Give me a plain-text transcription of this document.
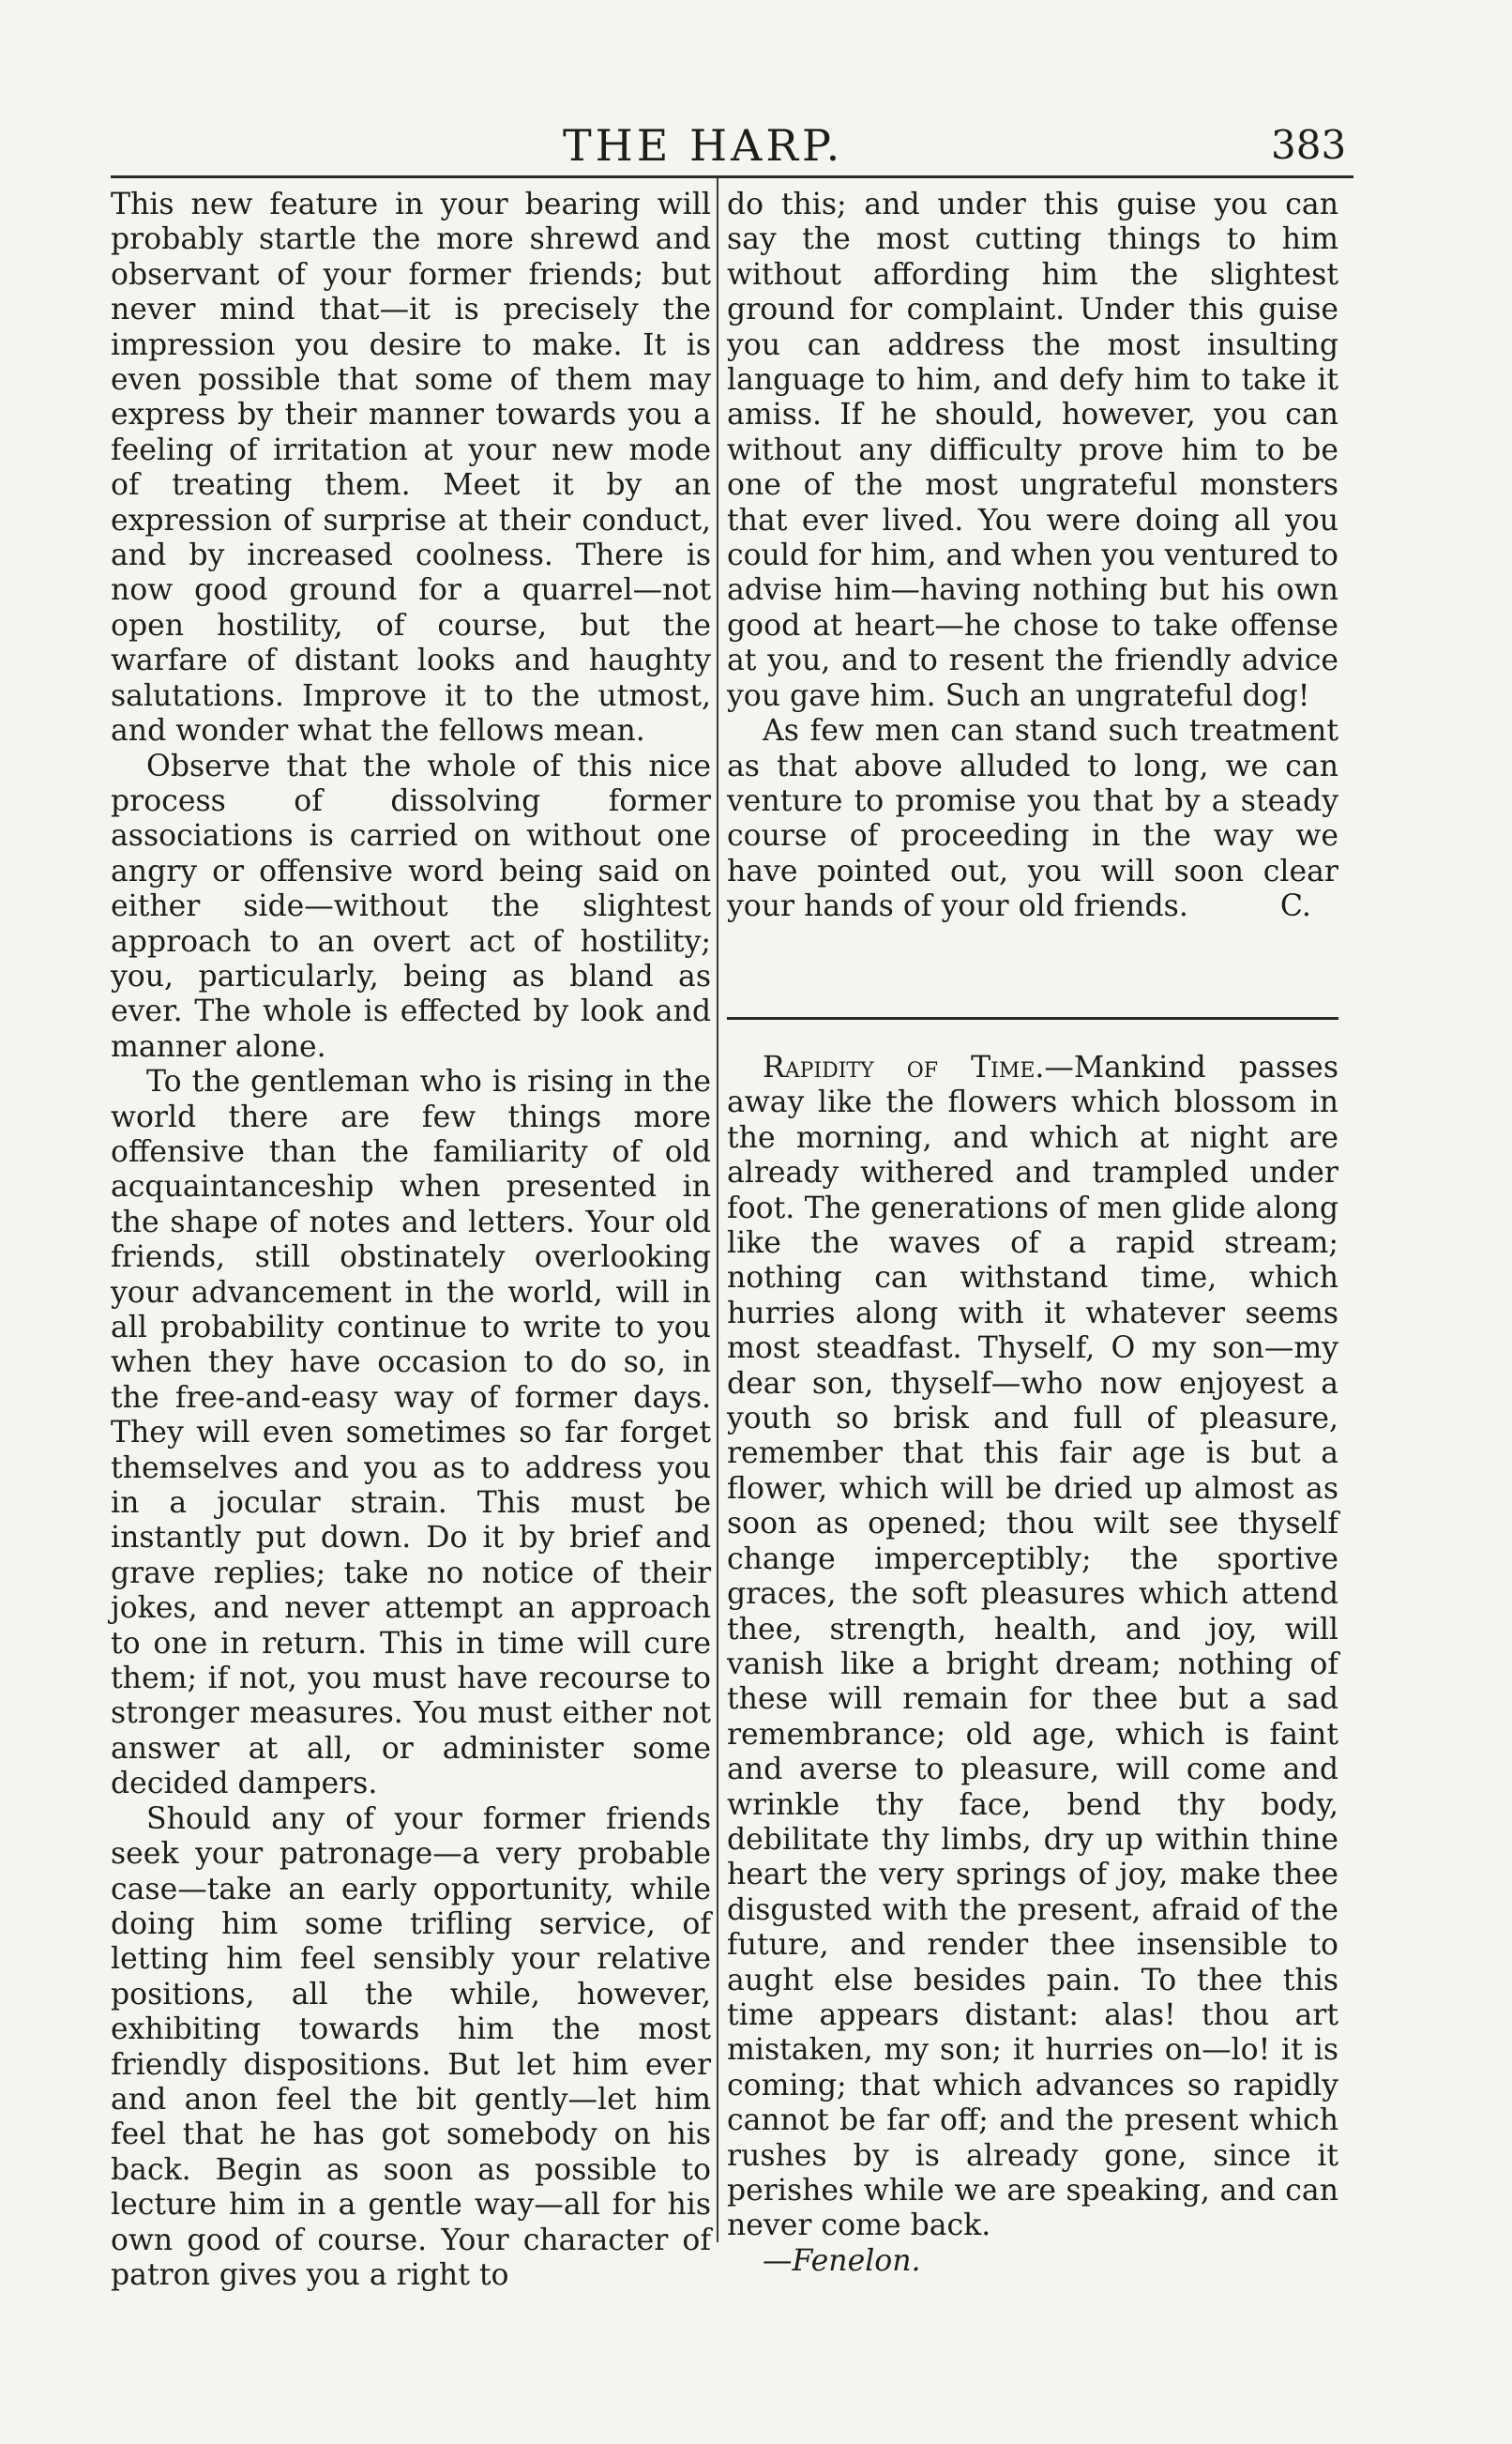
THE HARP.	383

This new feature in your bearing will probably startle the more shrewd and observant of your former friends; but never mind that—it is precisely the impression you desire to make. It is even possible that some of them may express by their manner towards you a feeling of irritation at your new mode of treating them. Meet it by an expression of surprise at their conduct, and by increased coolness. There is now good ground for a quarrel—not open hostility, of course, but the warfare of distant looks and haughty salutations. Improve it to the utmost, and wonder what the fellows mean.

Observe that the whole of this nice process of dissolving former associations is carried on without one angry or offensive word being said on either side—without the slightest approach to an overt act of hostility; you, particularly, being as bland as ever. The whole is effected by look and manner alone.

To the gentleman who is rising in the world there are few things more offensive than the familiarity of old acquaintanceship when presented in the shape of notes and letters. Your old friends, still obstinately overlooking your advancement in the world, will in all probability continue to write to you when they have occasion to do so, in the free-and-easy way of former days. They will even sometimes so far forget themselves and you as to address you in a jocular strain. This must be instantly put down. Do it by brief and grave replies; take no notice of their jokes, and never attempt an approach to one in return. This in time will cure them; if not, you must have recourse to stronger measures. You must either not answer at all, or administer some decided dampers.

Should any of your former friends seek your patronage—a very probable case—take an early opportunity, while doing him some trifling service, of letting him feel sensibly your relative positions, all the while, however, exhibiting towards him the most friendly dispositions. But let him ever and anon feel the bit gently—let him feel that he has got somebody on his back. Begin as soon as possible to lecture him in a gentle way—all for his own good of course. Your character of patron gives you a right to

do this; and under this guise you can say the most cutting things to him without affording him the slightest ground for complaint. Under this guise you can address the most insulting language to him, and defy him to take it amiss. If he should, however, you can without any difficulty prove him to be one of the most ungrateful monsters that ever lived. You were doing all you could for him, and when you ventured to advise him—having nothing but his own good at heart—he chose to take offense at you, and to resent the friendly advice you gave him. Such an ungrateful dog!

As few men can stand such treatment as that above alluded to long, we can venture to promise you that by a steady course of proceeding in the way we have pointed out, you will soon clear your hands of your old friends.	C.

Rapidity of Time.—Mankind passes away like the flowers which blossom in the morning, and which at night are already withered and trampled under foot. The generations of men glide along like the waves of a rapid stream; nothing can withstand time, which hurries along with it whatever seems most steadfast. Thyself, O my son—my dear son, thyself—who now enjoyest a youth so brisk and full of pleasure, remember that this fair age is but a flower, which will be dried up almost as soon as opened; thou wilt see thyself change imperceptibly; the sportive graces, the soft pleasures which attend thee, strength, health, and joy, will vanish like a bright dream; nothing of these will remain for thee but a sad remembrance; old age, which is faint and averse to pleasure, will come and wrinkle thy face, bend thy body, debilitate thy limbs, dry up within thine heart the very springs of joy, make thee disgusted with the present, afraid of the future, and render thee insensible to aught else besides pain. To thee this time appears distant: alas! thou art mistaken, my son; it hurries on—lo! it is coming; that which advances so rapidly cannot be far off; and the present which rushes by is already gone, since it perishes while we are speaking, and can never come back.

—Fenelon.
